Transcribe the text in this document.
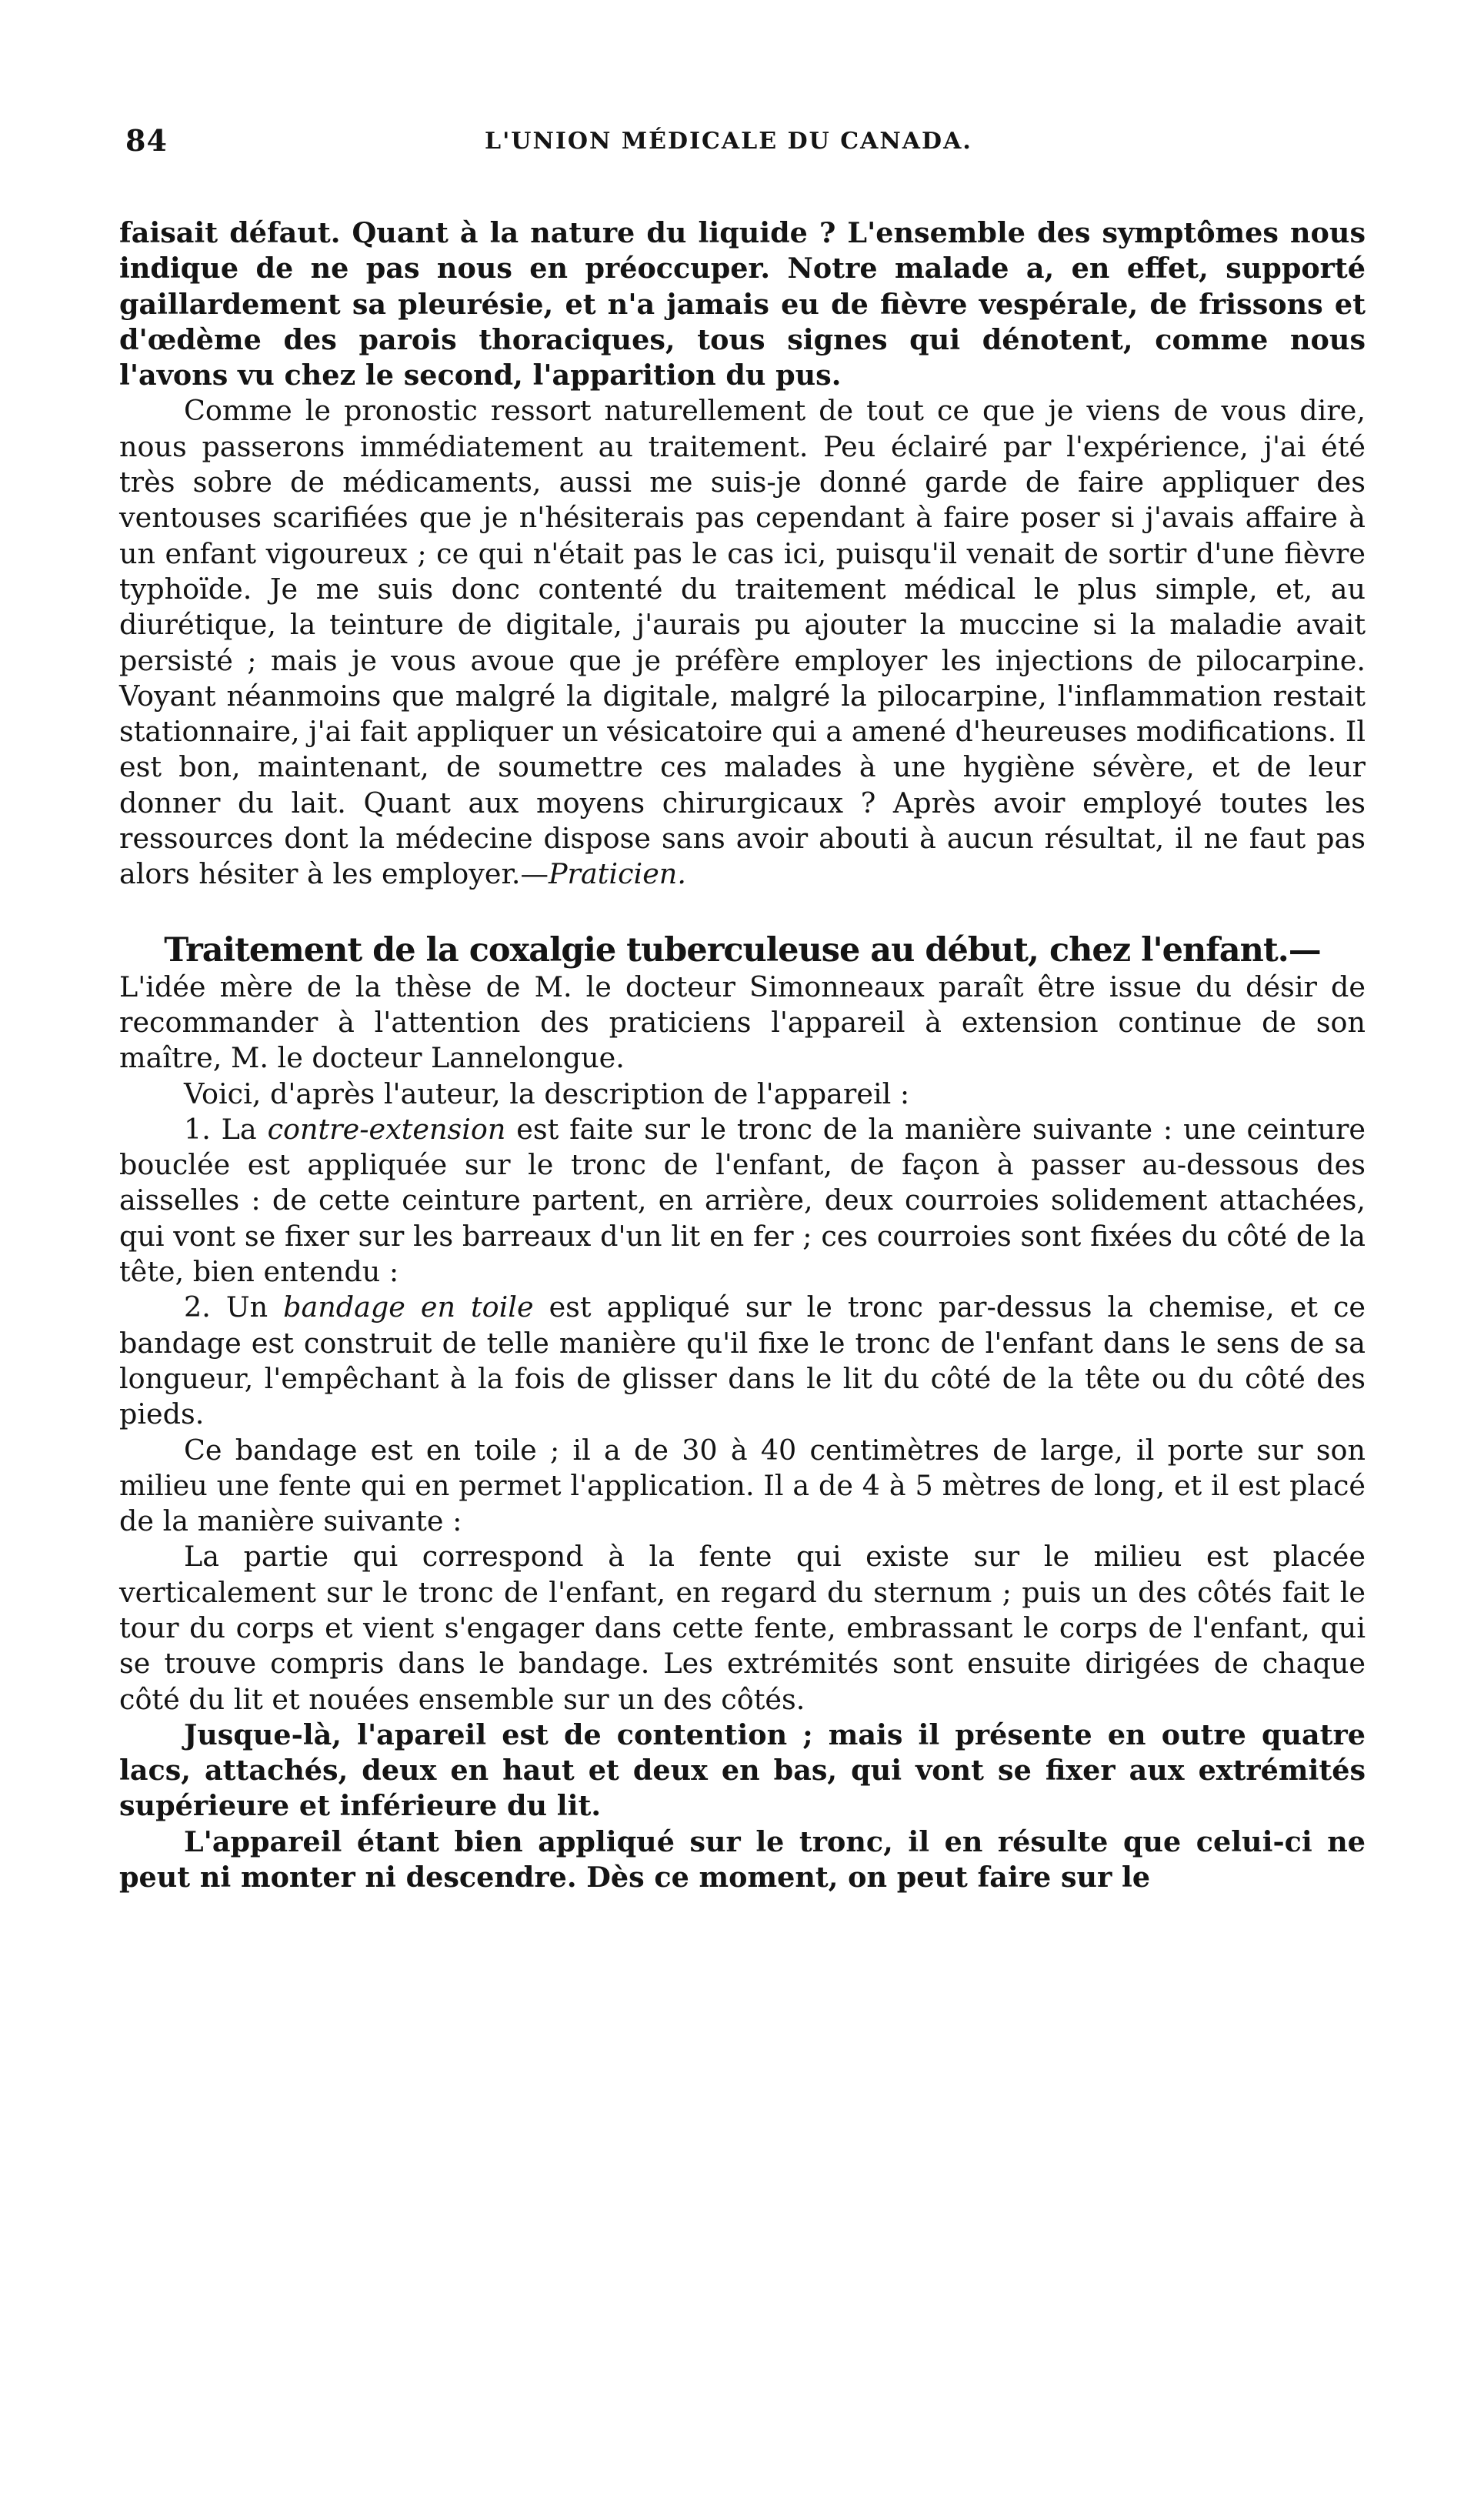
84	L'UNION MÉDICALE DU CANADA.

faisait défaut. Quant à la nature du liquide ? L'ensemble des symptômes nous indique de ne pas nous en préoccuper. Notre malade a, en effet, supporté gaillardement sa pleurésie, et n'a jamais eu de fièvre vespérale, de frissons et d'œdème des parois thoraciques, tous signes qui dénotent, comme nous l'avons vu chez le second, l'apparition du pus.

Comme le pronostic ressort naturellement de tout ce que je viens de vous dire, nous passerons immédiatement au traitement. Peu éclairé par l'expérience, j'ai été très sobre de médicaments, aussi me suis-je donné garde de faire appliquer des ventouses scarifiées que je n'hésiterais pas cependant à faire poser si j'avais affaire à un enfant vigoureux ; ce qui n'était pas le cas ici, puisqu'il venait de sortir d'une fièvre typhoïde. Je me suis donc contenté du traitement médical le plus simple, et, au diurétique, la teinture de digitale, j'aurais pu ajouter la muccine si la maladie avait persisté ; mais je vous avoue que je préfère employer les injections de pilocarpine. Voyant néanmoins que malgré la digitale, malgré la pilocarpine, l'inflammation restait stationnaire, j'ai fait appliquer un vésicatoire qui a amené d'heureuses modifications. Il est bon, maintenant, de soumettre ces malades à une hygiène sévère, et de leur donner du lait. Quant aux moyens chirurgicaux ? Après avoir employé toutes les ressources dont la médecine dispose sans avoir abouti à aucun résultat, il ne faut pas alors hésiter à les employer.—Praticien.

Traitement de la coxalgie tuberculeuse au début, chez l'enfant.—

L'idée mère de la thèse de M. le docteur Simonneaux paraît être issue du désir de recommander à l'attention des praticiens l'appareil à extension continue de son maître, M. le docteur Lannelongue.

Voici, d'après l'auteur, la description de l'appareil :

1. La contre-extension est faite sur le tronc de la manière suivante : une ceinture bouclée est appliquée sur le tronc de l'enfant, de façon à passer au-dessous des aisselles : de cette ceinture partent, en arrière, deux courroies solidement attachées, qui vont se fixer sur les barreaux d'un lit en fer ; ces courroies sont fixées du côté de la tête, bien entendu :

2. Un bandage en toile est appliqué sur le tronc par-dessus la chemise, et ce bandage est construit de telle manière qu'il fixe le tronc de l'enfant dans le sens de sa longueur, l'empêchant à la fois de glisser dans le lit du côté de la tête ou du côté des pieds.

Ce bandage est en toile ; il a de 30 à 40 centimètres de large, il porte sur son milieu une fente qui en permet l'application. Il a de 4 à 5 mètres de long, et il est placé de la manière suivante :

La partie qui correspond à la fente qui existe sur le milieu est placée verticalement sur le tronc de l'enfant, en regard du sternum ; puis un des côtés fait le tour du corps et vient s'engager dans cette fente, embrassant le corps de l'enfant, qui se trouve compris dans le bandage. Les extrémités sont ensuite dirigées de chaque côté du lit et nouées ensemble sur un des côtés.

Jusque-là, l'apareil est de contention ; mais il présente en outre quatre lacs, attachés, deux en haut et deux en bas, qui vont se fixer aux extrémités supérieure et inférieure du lit.

L'appareil étant bien appliqué sur le tronc, il en résulte que celui-ci ne peut ni monter ni descendre. Dès ce moment, on peut faire sur le
